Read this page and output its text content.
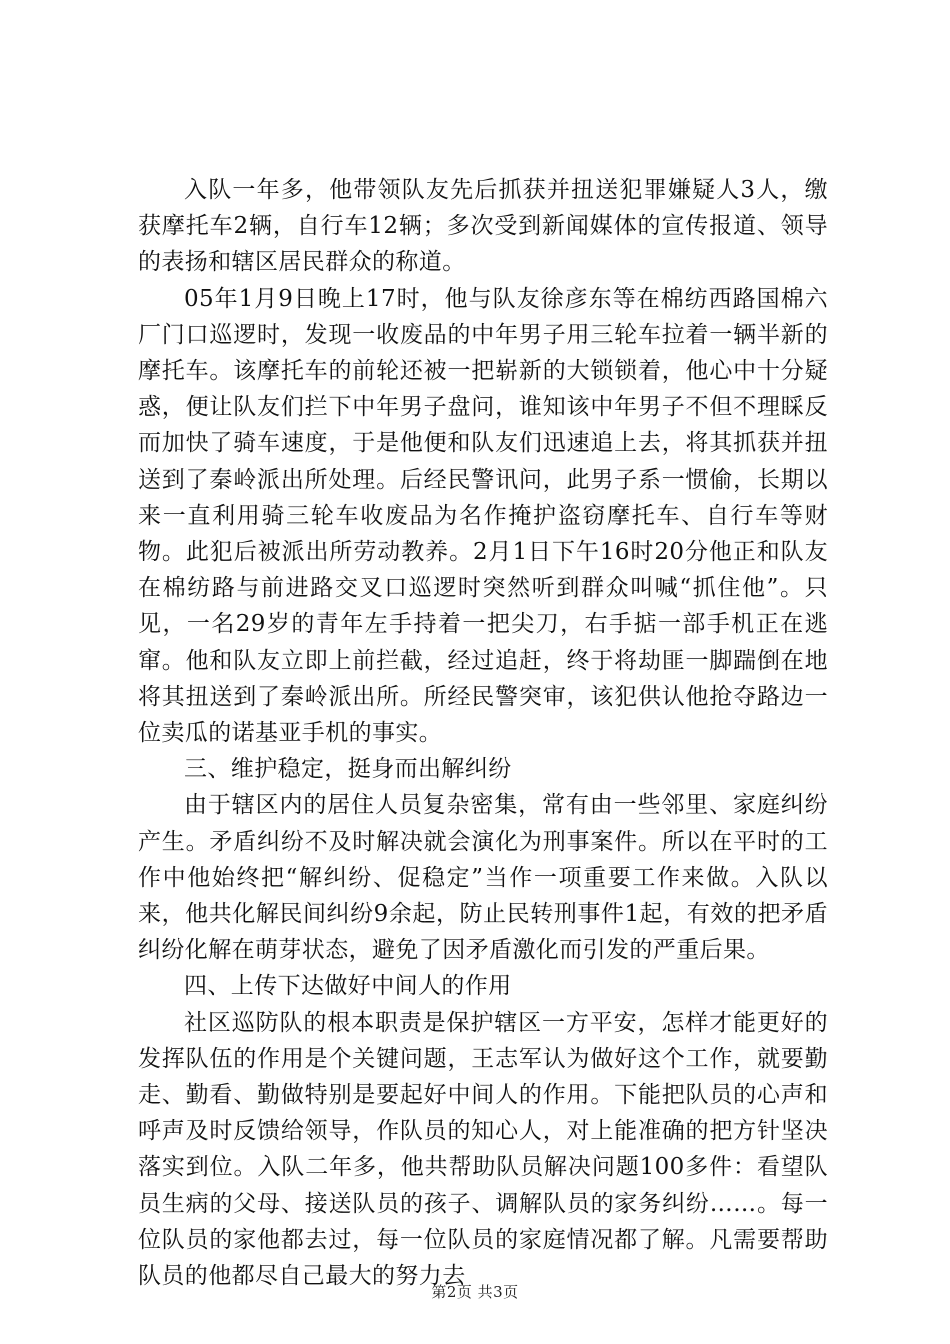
入队一年多，他带领队友先后抓获并扭送犯罪嫌疑人3人，缴获摩托车2辆，自行车12辆；多次受到新闻媒体的宣传报道、领导的表扬和辖区居民群众的称道。

05年1月9日晚上17时，他与队友徐彦东等在棉纺西路国棉六厂门口巡逻时，发现一收废品的中年男子用三轮车拉着一辆半新的摩托车。该摩托车的前轮还被一把崭新的大锁锁着，他心中十分疑惑，便让队友们拦下中年男子盘问，谁知该中年男子不但不理睬反而加快了骑车速度，于是他便和队友们迅速追上去，将其抓获并扭送到了秦岭派出所处理。后经民警讯问，此男子系一惯偷，长期以来一直利用骑三轮车收废品为名作掩护盗窃摩托车、自行车等财物。此犯后被派出所劳动教养。2月1日下午16时20分他正和队友在棉纺路与前进路交叉口巡逻时突然听到群众叫喊“抓住他”。只见，一名29岁的青年左手持着一把尖刀，右手掂一部手机正在逃窜。他和队友立即上前拦截，经过追赶，终于将劫匪一脚踹倒在地将其扭送到了秦岭派出所。所经民警突审，该犯供认他抢夺路边一位卖瓜的诺基亚手机的事实。

三、维护稳定，挺身而出解纠纷

由于辖区内的居住人员复杂密集，常有由一些邻里、家庭纠纷产生。矛盾纠纷不及时解决就会演化为刑事案件。所以在平时的工作中他始终把“解纠纷、促稳定”当作一项重要工作来做。入队以来，他共化解民间纠纷9余起，防止民转刑事件1起，有效的把矛盾纠纷化解在萌芽状态，避免了因矛盾激化而引发的严重后果。

四、上传下达做好中间人的作用

社区巡防队的根本职责是保护辖区一方平安，怎样才能更好的发挥队伍的作用是个关键问题，王志军认为做好这个工作，就要勤走、勤看、勤做特别是要起好中间人的作用。下能把队员的心声和呼声及时反馈给领导，作队员的知心人，对上能准确的把方针坚决落实到位。入队二年多，他共帮助队员解决问题100多件：看望队员生病的父母、接送队员的孩子、调解队员的家务纠纷……。每一位队员的家他都去过，每一位队员的家庭情况都了解。凡需要帮助队员的他都尽自己最大的努力去

第2页 共3页
